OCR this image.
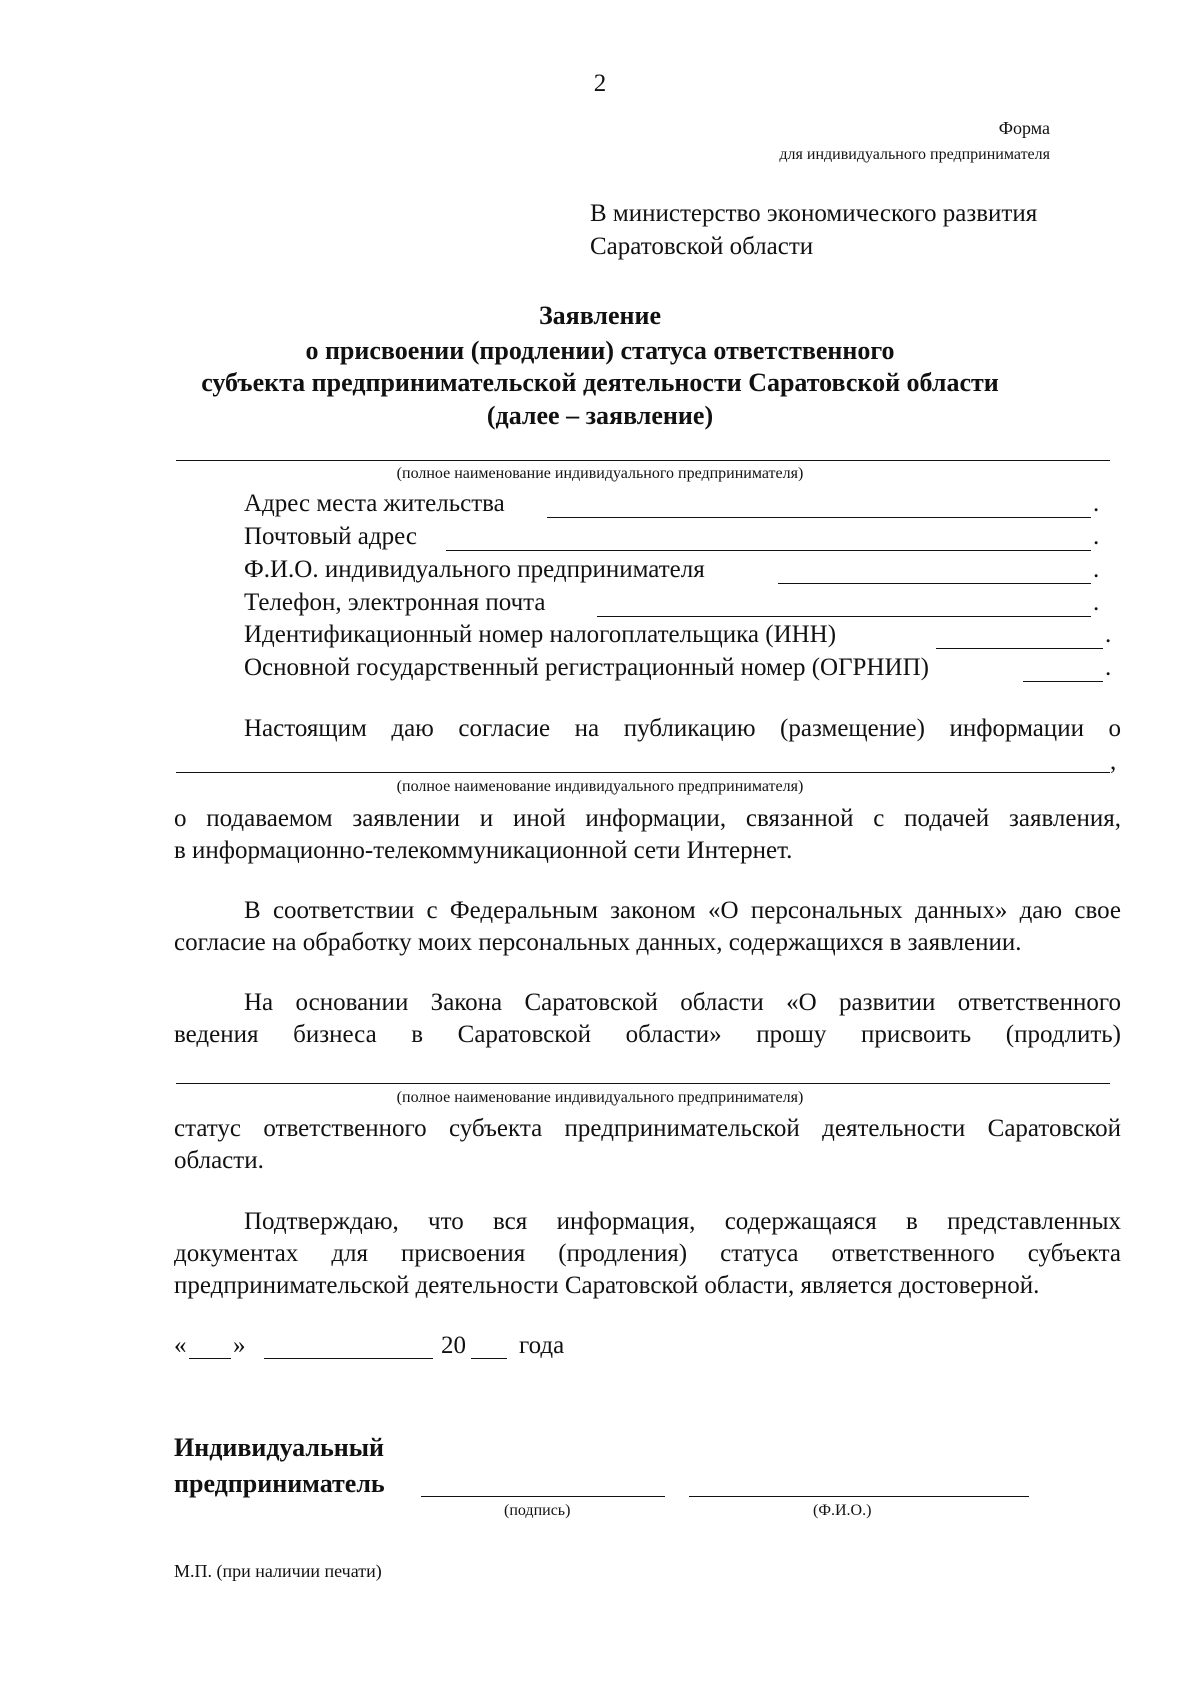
2
Форма
для индивидуального предпринимателя
В министерство экономического развития
Саратовской области
Заявление
о присвоении (продлении) статуса ответственного
субъекта предпринимательской деятельности Саратовской области
(далее – заявление)
(полное наименование индивидуального предпринимателя)
Адрес места жительства	.
Почтовый адрес	.
Ф.И.О. индивидуального предпринимателя	.
Телефон, электронная почта	.
Идентификационный номер налогоплательщика (ИНН)	.
Основной государственный регистрационный номер (ОГРНИП)	.
Настоящим даю согласие на публикацию (размещение) информации о
,
(полное наименование индивидуального предпринимателя)
о подаваемом заявлении и иной информации, связанной с подачей заявления,
в информационно-телекоммуникационной сети Интернет.
В соответствии с Федеральным законом «О персональных данных» даю свое
согласие на обработку моих персональных данных, содержащихся в заявлении.
На основании Закона Саратовской области «О развитии ответственного
ведения бизнеса в Саратовской области» прошу присвоить (продлить)
(полное наименование индивидуального предпринимателя)
статус ответственного субъекта предпринимательской деятельности Саратовской
области.
Подтверждаю, что вся информация, содержащаяся в представленных
документах для присвоения (продления) статуса ответственного субъекта
предпринимательской деятельности Саратовской области, является достоверной.
« »	20 года
Индивидуальный
предприниматель
(подпись)	(Ф.И.О.)
М.П. (при наличии печати)
